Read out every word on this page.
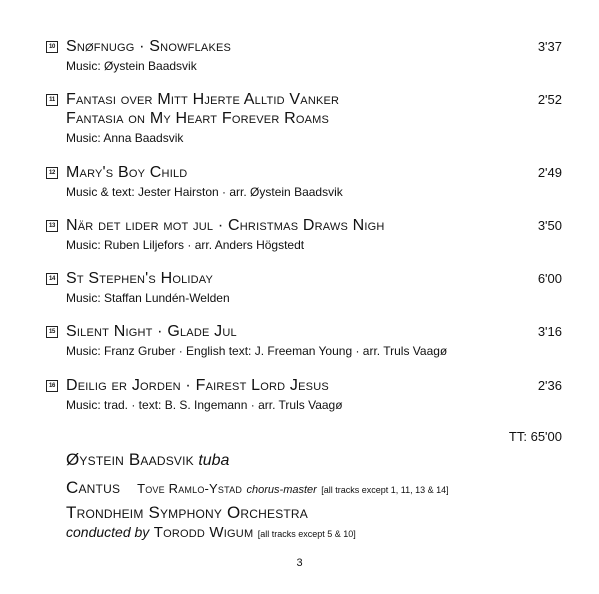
10 Snøfnugg · Snowflakes
Music: Øystein Baadsvik
3'37
11 Fantasi over Mitt Hjerte Alltid Vanker
Fantasia on My Heart Forever Roams
Music: Anna Baadsvik
2'52
12 Mary's Boy Child
Music & text: Jester Hairston · arr. Øystein Baadsvik
2'49
13 När det lider mot jul · Christmas Draws Nigh
Music: Ruben Liljefors · arr. Anders Högstedt
3'50
14 St Stephen's Holiday
Music: Staffan Lundén-Welden
6'00
15 Silent Night · Glade Jul
Music: Franz Gruber · English text: J. Freeman Young · arr. Truls Vaagø
3'16
16 Deilig er Jorden · Fairest Lord Jesus
Music: trad. · text: B. S. Ingemann · arr. Truls Vaagø
2'36
TT: 65'00
Øystein Baadsvik tuba
Cantus Tove Ramlo-Ystad chorus-master [all tracks except 1, 11, 13 & 14]
Trondheim Symphony Orchestra
conducted by Torodd Wigum [all tracks except 5 & 10]
3
